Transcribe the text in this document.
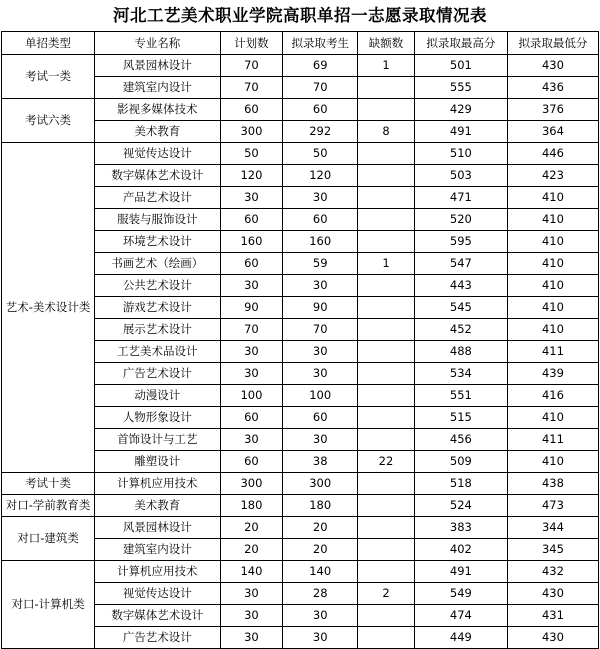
河北工艺美术职业学院高职单招一志愿录取情况表
单招类型	专业名称	计划数	拟录取考生	缺额数	拟录取最高分	拟录取最低分
考试一类	风景园林设计	70	69	1	501	430
	建筑室内设计	70	70		555	436
考试六类	影视多媒体技术	60	60		429	376
	美术教育	300	292	8	491	364
艺术-美术设计类	视觉传达设计	50	50		510	446
	数字媒体艺术设计	120	120		503	423
	产品艺术设计	30	30		471	410
	服装与服饰设计	60	60		520	410
	环境艺术设计	160	160		595	410
	书画艺术（绘画）	60	59	1	547	410
	公共艺术设计	30	30		443	410
	游戏艺术设计	90	90		545	410
	展示艺术设计	70	70		452	410
	工艺美术品设计	30	30		488	411
	广告艺术设计	30	30		534	439
	动漫设计	100	100		551	416
	人物形象设计	60	60		515	410
	首饰设计与工艺	30	30		456	411
	雕塑设计	60	38	22	509	410
考试十类	计算机应用技术	300	300		518	438
对口-学前教育类	美术教育	180	180		524	473
对口-建筑类	风景园林设计	20	20		383	344
	建筑室内设计	20	20		402	345
对口-计算机类	计算机应用技术	140	140		491	432
	视觉传达设计	30	28	2	549	430
	数字媒体艺术设计	30	30		474	431
	广告艺术设计	30	30		449	430
